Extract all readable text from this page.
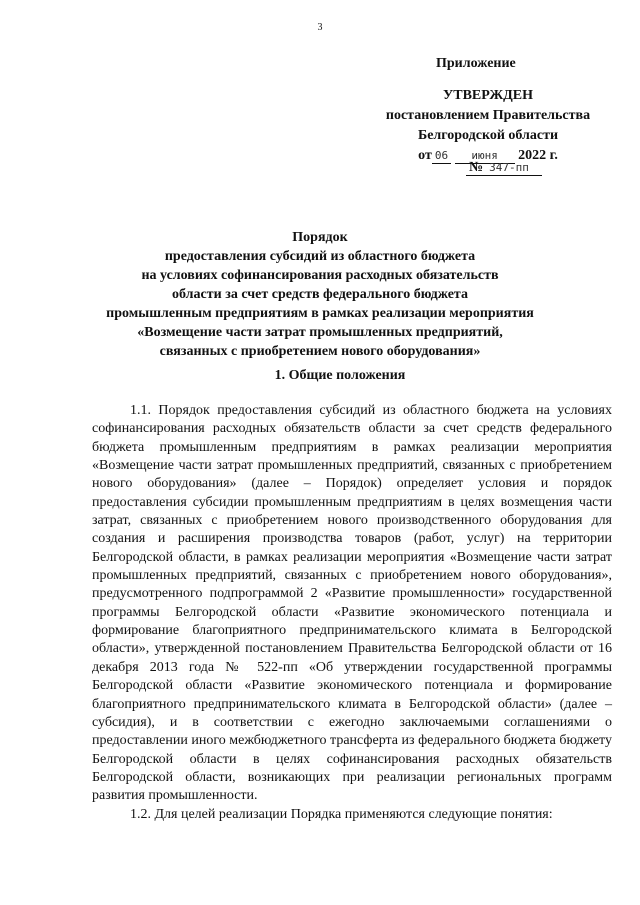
3
Приложение
УТВЕРЖДЕН
постановлением Правительства
Белгородской области
от 06 июня 2022 г.
№ 347-пп
Порядок
предоставления субсидий из областного бюджета
на условиях софинансирования расходных обязательств
области за счет средств федерального бюджета
промышленным предприятиям в рамках реализации мероприятия
«Возмещение части затрат промышленных предприятий,
связанных с приобретением нового оборудования»
1. Общие положения

1.1. Порядок предоставления субсидий из областного бюджета на условиях софинансирования расходных обязательств области за счет средств федерального бюджета промышленным предприятиям в рамках реализации мероприятия «Возмещение части затрат промышленных предприятий, связанных с приобретением нового оборудования» (далее – Порядок) определяет условия и порядок предоставления субсидии промышленным предприятиям в целях возмещения части затрат, связанных с приобретением нового производственного оборудования для создания и расширения производства товаров (работ, услуг) на территории Белгородской области, в рамках реализации мероприятия «Возмещение части затрат промышленных предприятий, связанных с приобретением нового оборудования», предусмотренного подпрограммой 2 «Развитие промышленности» государственной программы Белгородской области «Развитие экономического потенциала и формирование благоприятного предпринимательского климата в Белгородской области», утвержденной постановлением Правительства Белгородской области от 16 декабря 2013 года № 522-пп «Об утверждении государственной программы Белгородской области «Развитие экономического потенциала и формирование благоприятного предпринимательского климата в Белгородской области» (далее – субсидия), и в соответствии с ежегодно заключаемыми соглашениями о предоставлении иного межбюджетного трансферта из федерального бюджета бюджету Белгородской области в целях софинансирования расходных обязательств Белгородской области, возникающих при реализации региональных программ развития промышленности.

1.2. Для целей реализации Порядка применяются следующие понятия:
